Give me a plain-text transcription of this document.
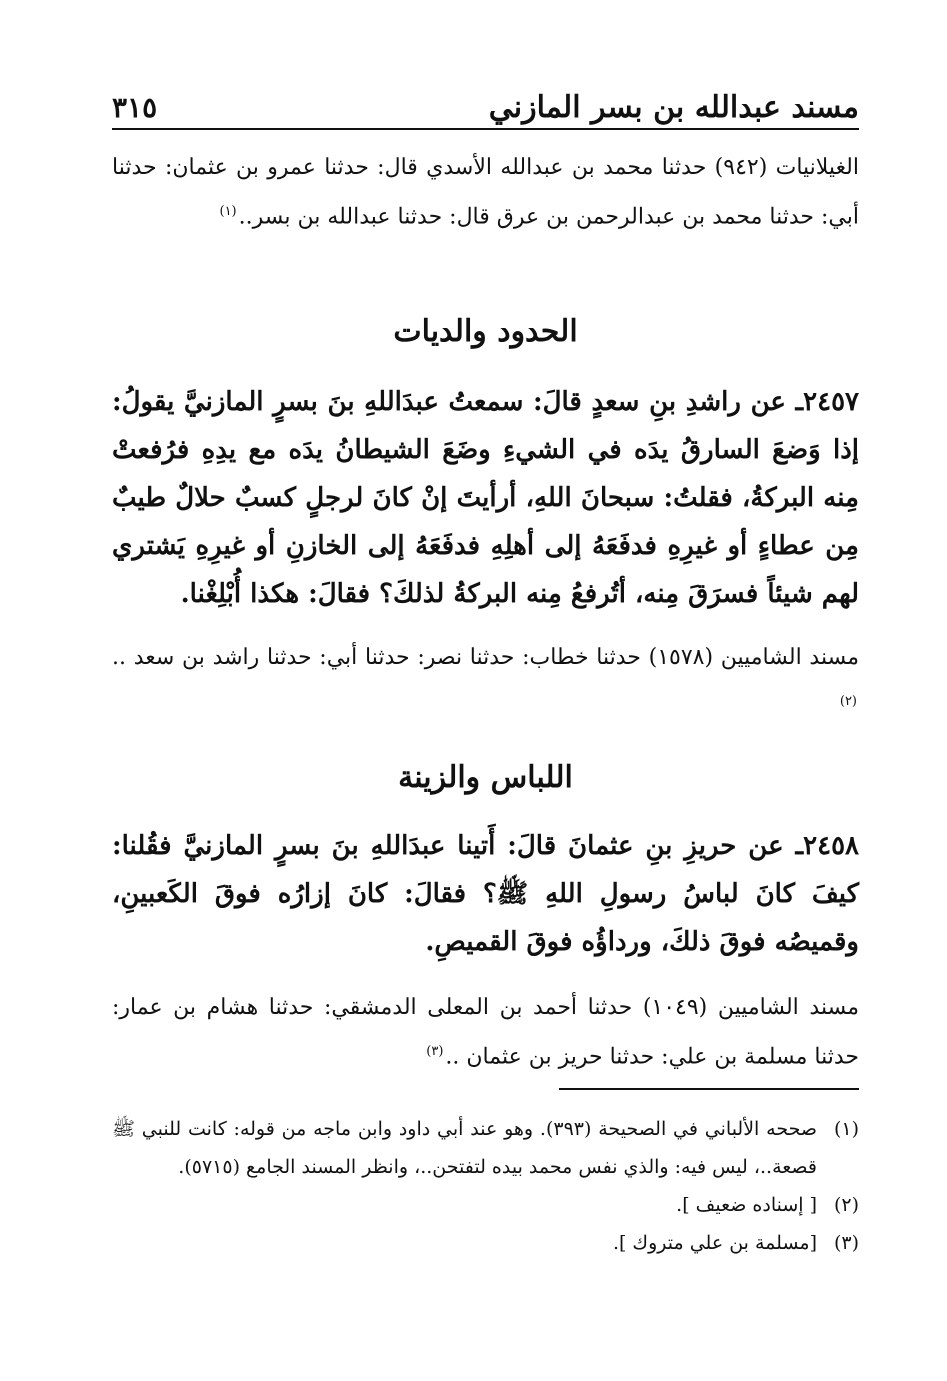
مسند عبدالله بن بسر المازني
٣١٥
الغيلانيات (٩٤٢) حدثنا محمد بن عبدالله الأسدي قال: حدثنا عمرو بن عثمان: حدثنا أبي: حدثنا محمد بن عبدالرحمن بن عرق قال: حدثنا عبدالله بن بسر..$^{(١)}$
الحدود والديات
٢٤٥٧ـ عن راشدِ بنِ سعدٍ قالَ: سمعتُ عبدَاللهِ بنَ بسرٍ المازنيَّ يقولُ: إذا وَضعَ السارقُ يدَه في الشيءِ وضَعَ الشيطانُ يدَه مع يدِهِ فرُفعتْ مِنه البركةُ، فقلتُ: سبحانَ اللهِ، أرأيتَ إنْ كانَ لرجلٍ كسبٌ حلالٌ طيبٌ مِن عطاءٍ أو غيرِهِ فدفَعَهُ إلى أهلِهِ فدفَعَهُ إلى الخازنِ أو غيرِهِ يَشتري لهم شيئاً فسرَقَ مِنه، أتُرفعُ مِنه البركةُ لذلكَ؟ فقالَ: هكذا أُبْلِغْنا.
مسند الشاميين (١٥٧٨) حدثنا خطاب: حدثنا نصر: حدثنا أبي: حدثنا راشد بن سعد ..$^{(٢)}$
اللباس والزينة
٢٤٥٨ـ عن حريزِ بنِ عثمانَ قالَ: أَتينا عبدَاللهِ بنَ بسرٍ المازنيَّ فقُلنا: كيفَ كانَ لباسُ رسولِ اللهِ ﷺ؟ فقالَ: كانَ إزارُه فوقَ الكَعبينِ، وقميصُه فوقَ ذلكَ، ورداؤُه فوقَ القميصِ.
مسند الشاميين (١٠٤٩) حدثنا أحمد بن المعلى الدمشقي: حدثنا هشام بن عمار: حدثنا مسلمة بن علي: حدثنا حريز بن عثمان ..$^{(٣)}$
(١)
صححه الألباني في الصحيحة (٣٩٣). وهو عند أبي داود وابن ماجه من قوله: كانت للنبي ﷺ قصعة..، ليس فيه: والذي نفس محمد بيده لتفتحن..، وانظر المسند الجامع (٥٧١٥).
(٢)
[ إسناده ضعيف ].
(٣)
[مسلمة بن علي متروك ].
